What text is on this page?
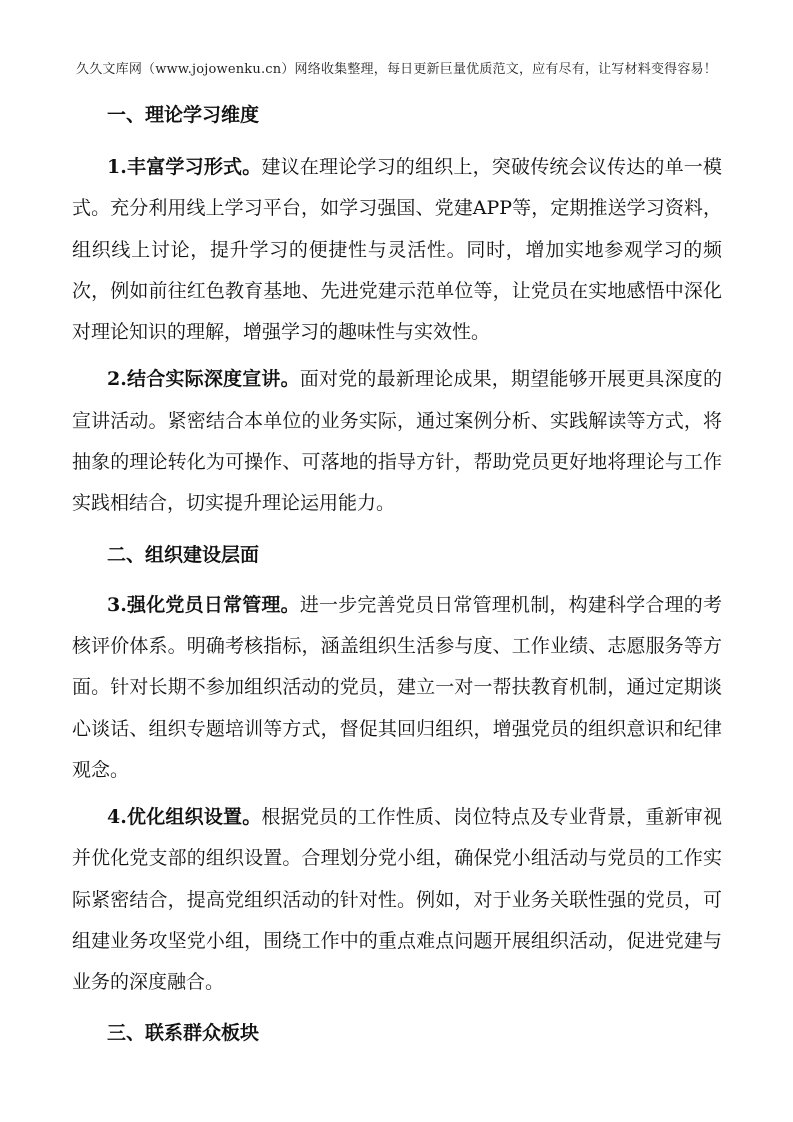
久久文库网（www.jojowenku.cn）网络收集整理，每日更新巨量优质范文，应有尽有，让写材料变得容易！
一、理论学习维度

1.丰富学习形式。建议在理论学习的组织上，突破传统会议传达的单一模式。充分利用线上学习平台，如学习强国、党建APP等，定期推送学习资料，组织线上讨论，提升学习的便捷性与灵活性。同时，增加实地参观学习的频次，例如前往红色教育基地、先进党建示范单位等，让党员在实地感悟中深化对理论知识的理解，增强学习的趣味性与实效性。

2.结合实际深度宣讲。面对党的最新理论成果，期望能够开展更具深度的宣讲活动。紧密结合本单位的业务实际，通过案例分析、实践解读等方式，将抽象的理论转化为可操作、可落地的指导方针，帮助党员更好地将理论与工作实践相结合，切实提升理论运用能力。

二、组织建设层面

3.强化党员日常管理。进一步完善党员日常管理机制，构建科学合理的考核评价体系。明确考核指标，涵盖组织生活参与度、工作业绩、志愿服务等方面。针对长期不参加组织活动的党员，建立一对一帮扶教育机制，通过定期谈心谈话、组织专题培训等方式，督促其回归组织，增强党员的组织意识和纪律观念。

4.优化组织设置。根据党员的工作性质、岗位特点及专业背景，重新审视并优化党支部的组织设置。合理划分党小组，确保党小组活动与党员的工作实际紧密结合，提高党组织活动的针对性。例如，对于业务关联性强的党员，可组建业务攻坚党小组，围绕工作中的重点难点问题开展组织活动，促进党建与业务的深度融合。

三、联系群众板块
